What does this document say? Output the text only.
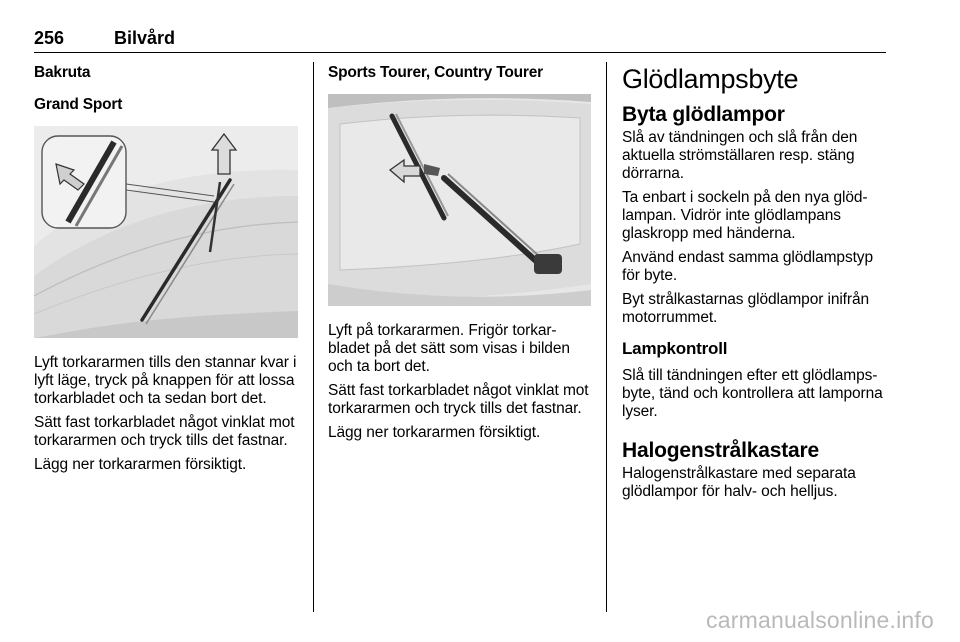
256	Bilvård

Bakruta

Grand Sport

Lyft torkararmen tills den stannar kvar i lyft läge, tryck på knappen för att lossa torkarbladet och ta sedan bort det.

Sätt fast torkarbladet något vinklat mot torkararmen och tryck tills det fastnar.

Lägg ner torkararmen försiktigt.

Sports Tourer, Country Tourer

Lyft på torkararmen. Frigör torkar-bladet på det sätt som visas i bilden och ta bort det.

Sätt fast torkarbladet något vinklat mot torkararmen och tryck tills det fastnar.

Lägg ner torkararmen försiktigt.

Glödlampsbyte

Byta glödlampor

Slå av tändningen och slå från den aktuella strömställaren resp. stäng dörrarna.

Ta enbart i sockeln på den nya glöd-lampan. Vidrör inte glödlampans glaskropp med händerna.

Använd endast samma glödlampstyp för byte.

Byt strålkastarnas glödlampor inifrån motorrummet.

Lampkontroll

Slå till tändningen efter ett glödlamps-byte, tänd och kontrollera att lamporna lyser.

Halogenstrålkastare

Halogenstrålkastare med separata glödlampor för halv- och helljus.

carmanualsonline.info
